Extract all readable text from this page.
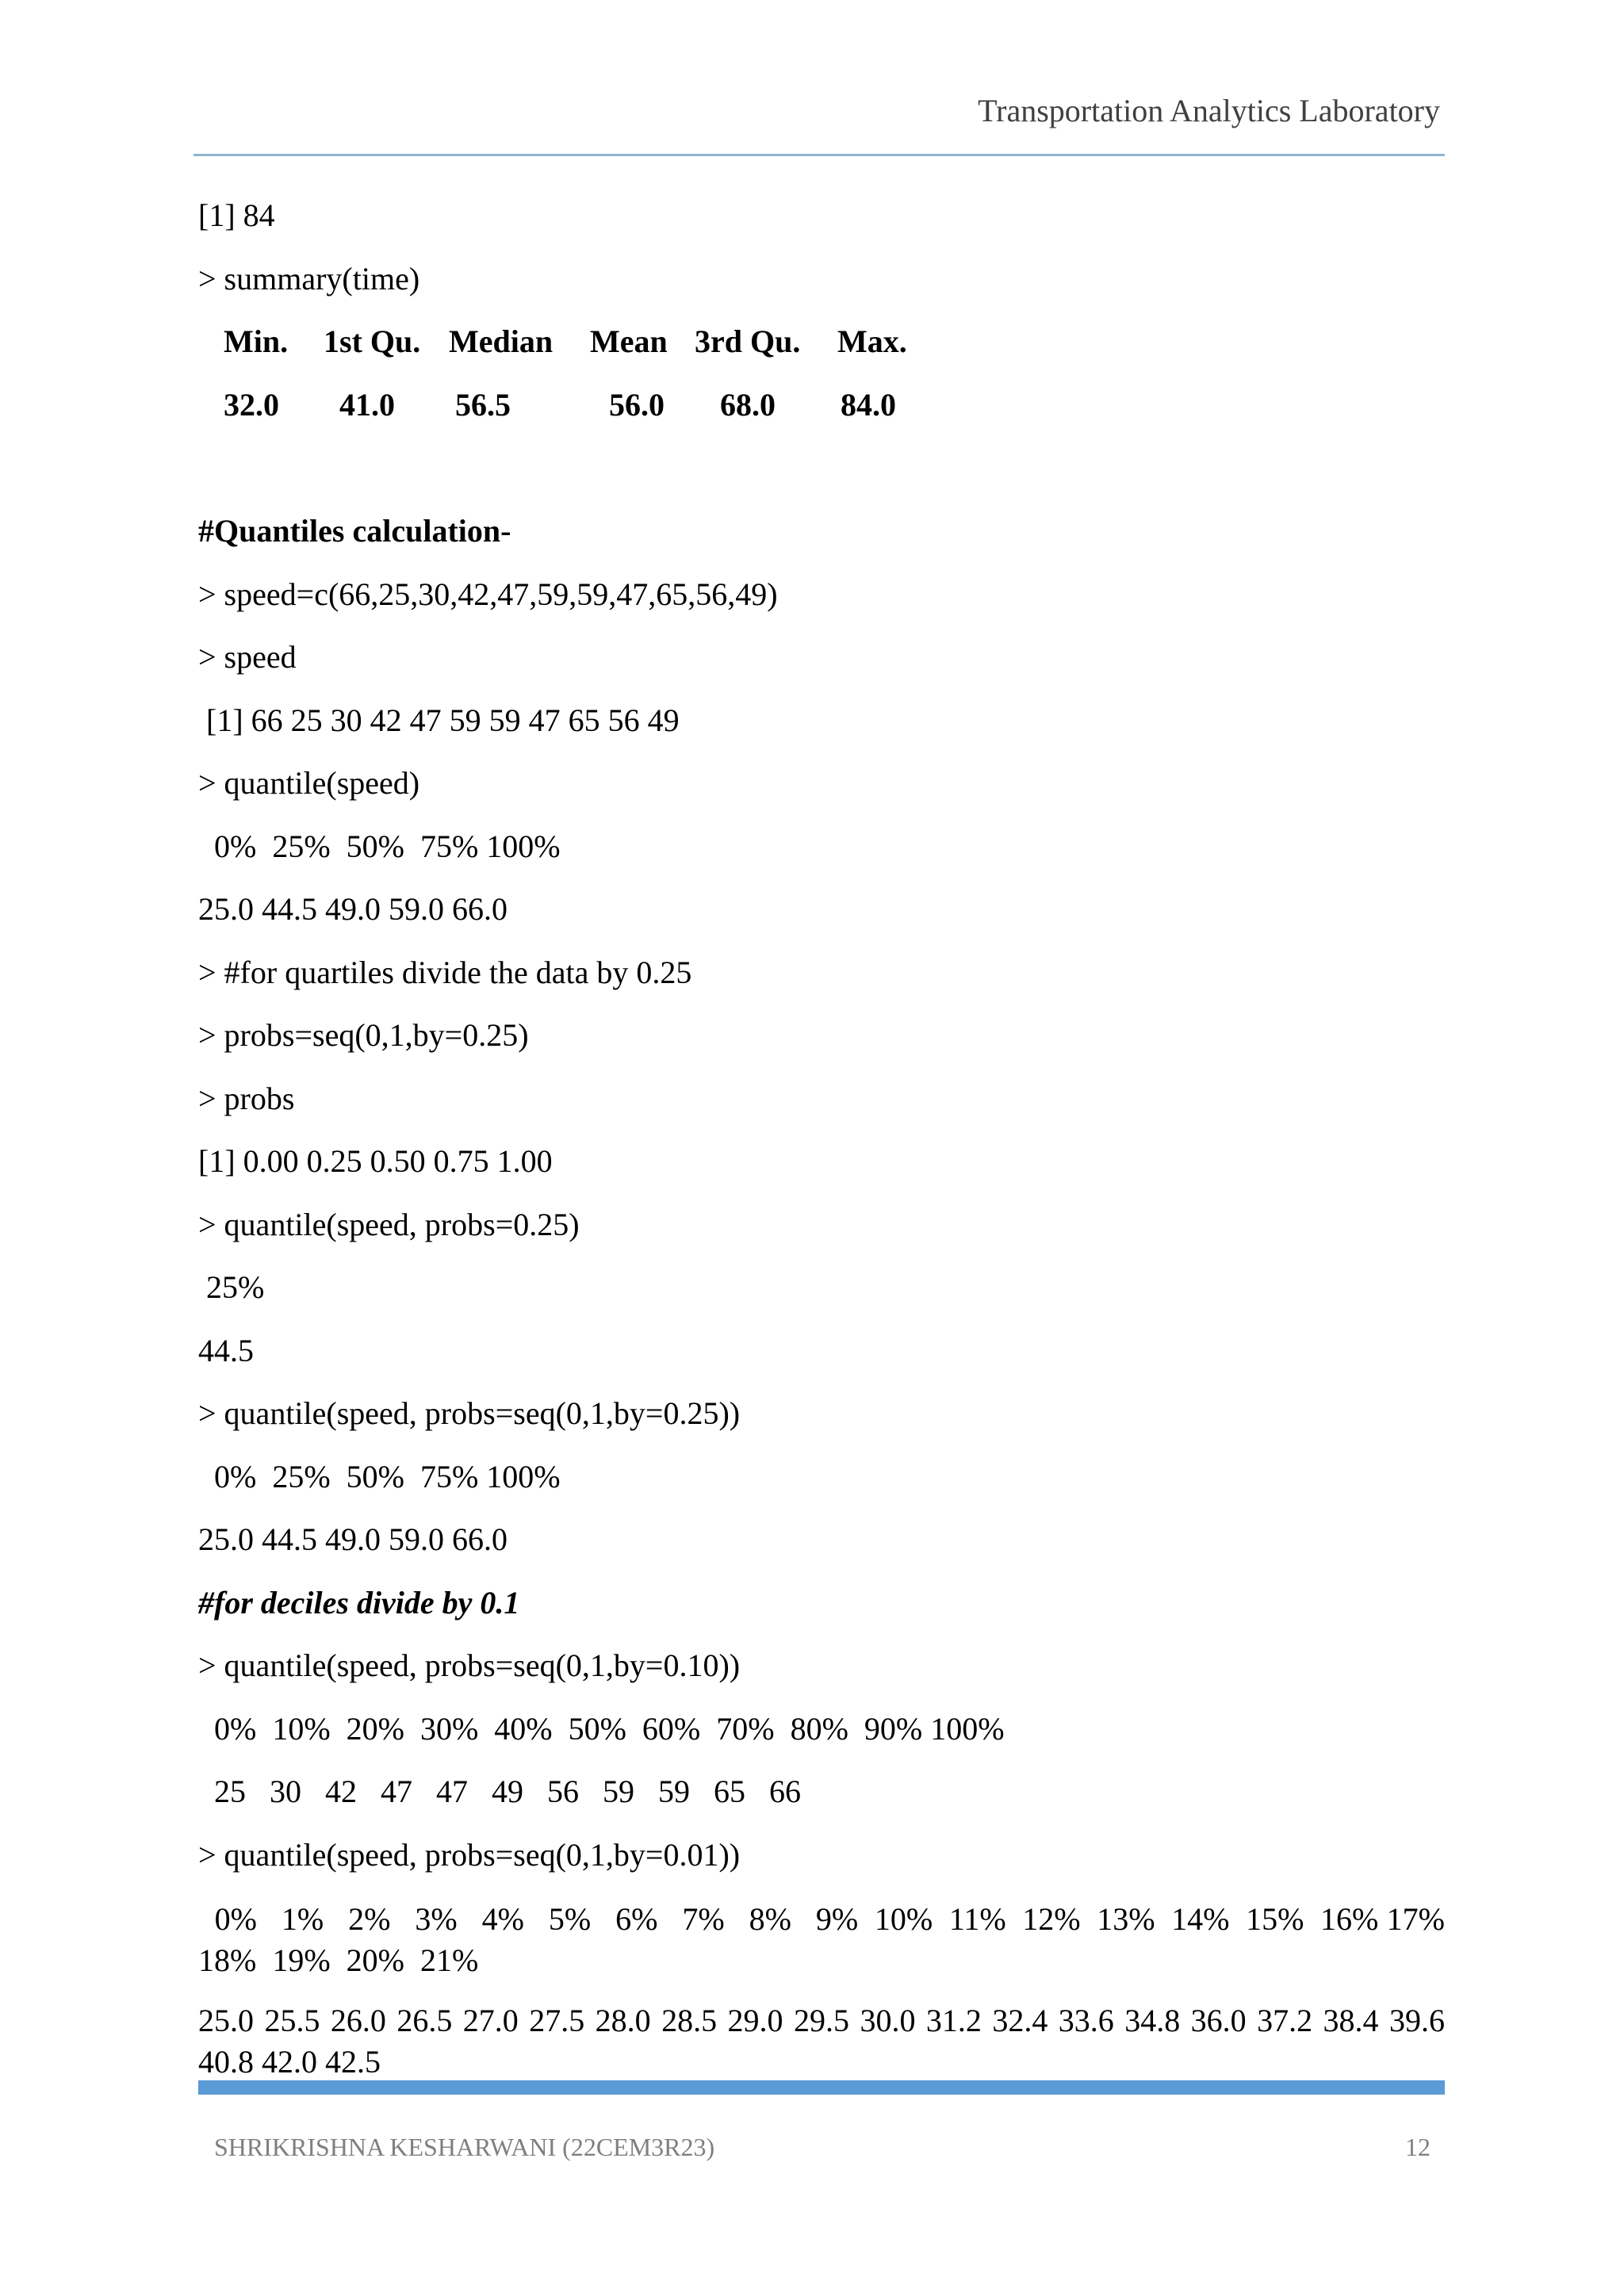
Transportation Analytics Laboratory
[1] 84
> summary(time)
Min.	1st Qu. Median	Mean 3rd Qu.	Max.
32.0	41.0	56.5	56.0	68.0	84.0
#Quantiles calculation-
> speed=c(66,25,30,42,47,59,59,47,65,56,49)
> speed
[1] 66 25 30 42 47 59 59 47 65 56 49
> quantile(speed)
0%  25%  50%  75% 100%
25.0 44.5 49.0 59.0 66.0
> #for quartiles divide the data by 0.25
> probs=seq(0,1,by=0.25)
> probs
[1] 0.00 0.25 0.50 0.75 1.00
> quantile(speed, probs=0.25)
25%
44.5
> quantile(speed, probs=seq(0,1,by=0.25))
0%  25%  50%  75% 100%
25.0 44.5 49.0 59.0 66.0
#for deciles divide by 0.1
> quantile(speed, probs=seq(0,1,by=0.10))
0%  10%  20%  30%  40%  50%  60%  70%  80%  90% 100%
25   30   42   47   47   49   56   59   59   65   66
> quantile(speed, probs=seq(0,1,by=0.01))
0%   1%   2%   3%   4%   5%   6%   7%   8%   9%  10%  11%  12%  13%  14%  15%  16% 17%  18%  19%  20%  21%
25.0 25.5 26.0 26.5 27.0 27.5 28.0 28.5 29.0 29.5 30.0 31.2 32.4 33.6 34.8 36.0 37.2 38.4 39.6 40.8 42.0 42.5
SHRIKRISHNA KESHARWANI (22CEM3R23)	12
